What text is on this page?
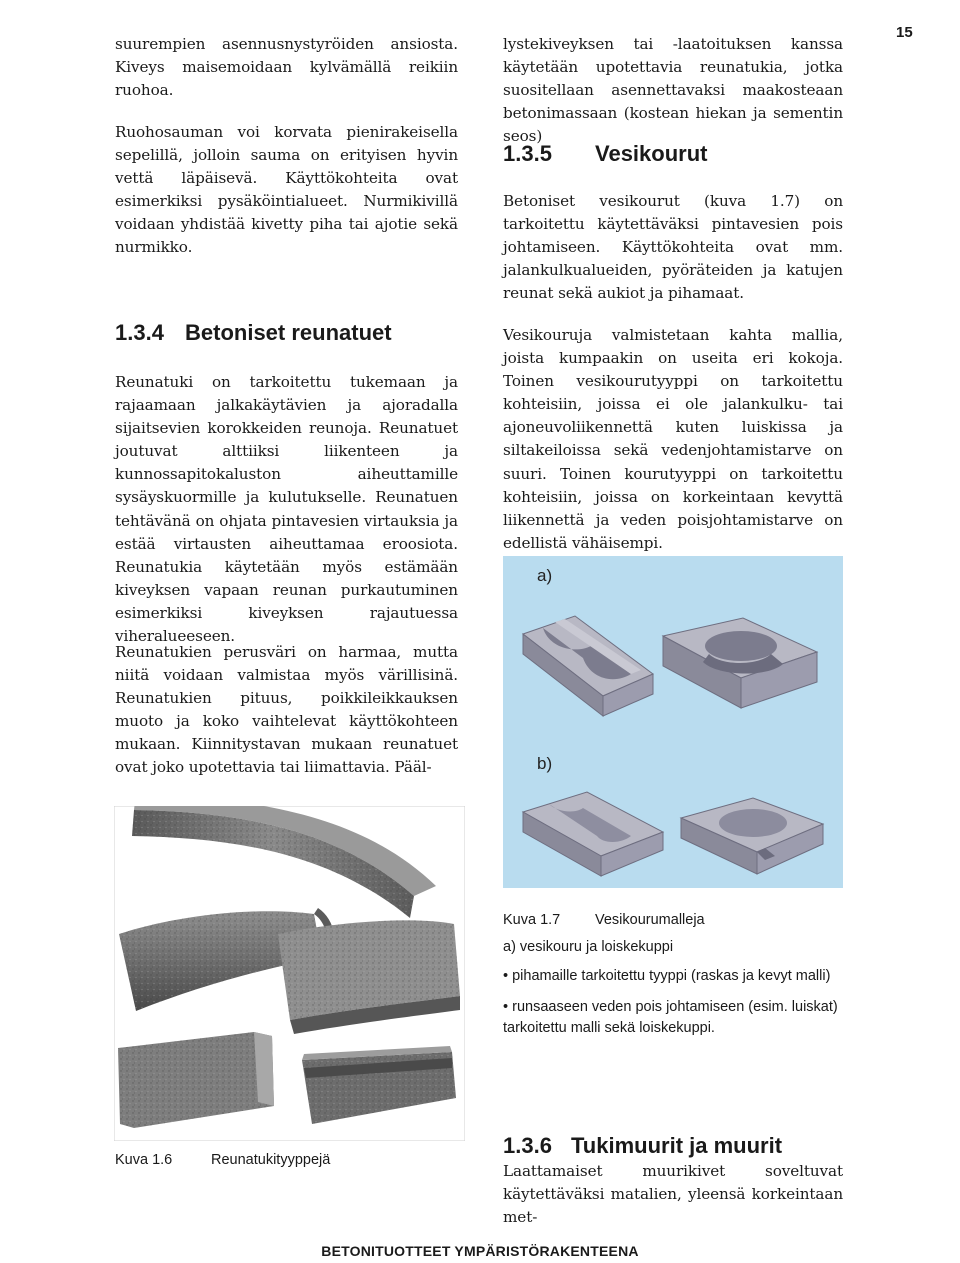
15

suurempien asennusnystyröiden ansiosta. Kiveys maisemoidaan kylvämällä reikiin ruohoa.

Ruohosauman voi korvata pienirakeisella sepelillä, jolloin sauma on erityisen hyvin vettä läpäisevä. Käyttökohteita ovat esimerkiksi pysäköintialueet. Nurmikivillä voidaan yhdistää kivetty piha tai ajotie sekä nurmikko.

1.3.4 Betoniset reunatuet

Reunatuki on tarkoitettu tukemaan ja rajaamaan jalkakäytävien ja ajoradalla sijaitsevien korokkeiden reunoja. Reunatuet joutuvat alttiiksi liikenteen ja kunnossapitokaluston aiheuttamille sysäyskuormille ja kulutukselle. Reunatuen tehtävänä on ohjata pintavesien virtauksia ja estää virtausten aiheuttamaa eroosiota. Reunatukia käytetään myös estämään kiveyksen vapaan reunan purkautuminen esimerkiksi kiveyksen rajautuessa viheralueeseen.

Reunatukien perusväri on harmaa, mutta niitä voidaan valmistaa myös värillisinä. Reunatukien pituus, poikkileikkauksen muoto ja koko vaihtelevat käyttökohteen mukaan. Kiinnitystavan mukaan reunatuet ovat joko upotettavia tai liimattavia. Pääl-

Kuva 1.6	Reunatukityyppejä

lystekiveyksen tai -laatoituksen kanssa käytetään upotettavia reunatukia, jotka suositellaan asennettavaksi maakosteaan betonimassaan (kostean hiekan ja sementin seos)

1.3.5 Vesikourut

Betoniset vesikourut (kuva 1.7) on tarkoitettu käytettäväksi pintavesien pois johtamiseen. Käyttökohteita ovat mm. jalankulkualueiden, pyöräteiden ja katujen reunat sekä aukiot ja pihamaat.

Vesikouruja valmistetaan kahta mallia, joista kumpaakin on useita eri kokoja. Toinen vesikourutyyppi on tarkoitettu kohteisiin, joissa ei ole jalankulku- tai ajoneuvoliikennettä kuten luiskissa ja siltakeiloissa sekä vedenjohtamistarve on suuri. Toinen kourutyyppi on tarkoitettu kohteisiin, joissa on korkeintaan kevyttä liikennettä ja veden poisjohtamistarve on edellistä vähäisempi.

a)
b)
Kuva 1.7 Vesikourumalleja
a) vesikouru ja loiskekuppi
• pihamaille tarkoitettu tyyppi (raskas ja kevyt malli)
• runsaaseen veden pois johtamiseen (esim. luiskat) tarkoitettu malli sekä loiskekuppi.
1.3.6 Tukimuurit ja muurit

Laattamaiset muurikivet soveltuvat käytettäväksi matalien, yleensä korkeintaan met-

BETONITUOTTEET YMPÄRISTÖRAKENTEENA
